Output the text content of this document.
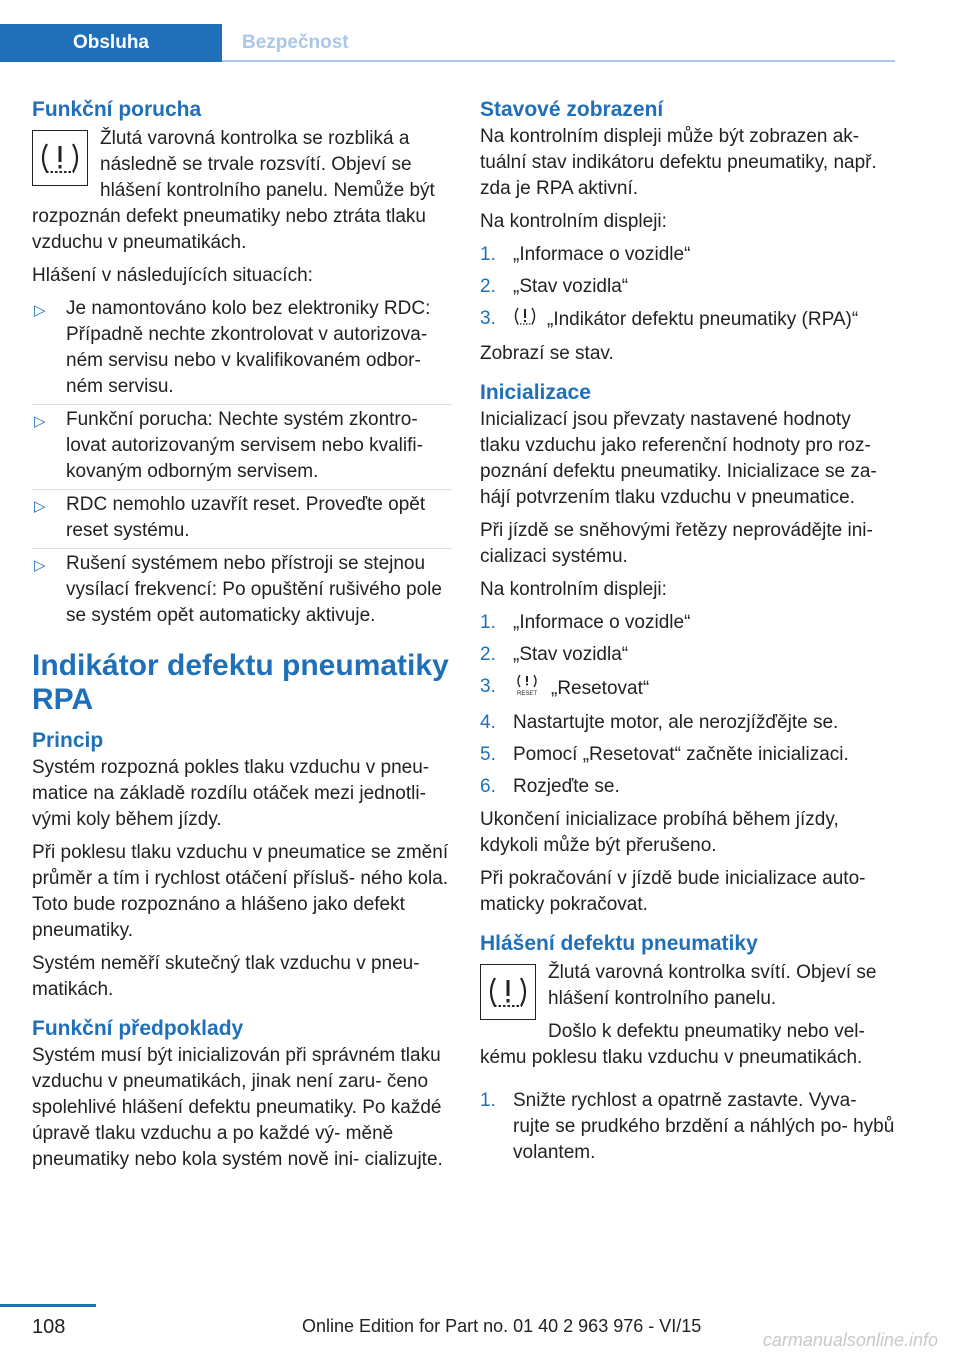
Obsluha	Bezpečnost
Funkční porucha

Žlutá varovná kontrolka se rozbliká a následně se trvale rozsvítí. Objeví se hlášení kontrolního panelu. Nemůže být rozpoznán defekt pneumatiky nebo ztráta tlaku vzduchu v pneumatikách.

Hlášení v následujících situacích:

▷ Je namontováno kolo bez elektroniky RDC: Případně nechte zkontrolovat v autorizova‐ ném servisu nebo v kvalifikovaném odbor‐ ném servisu.
▷ Funkční porucha: Nechte systém zkontro‐ lovat autorizovaným servisem nebo kvalifi‐ kovaným odborným servisem.
▷ RDC nemohlo uzavřít reset. Proveďte opět reset systému.
▷ Rušení systémem nebo přístroji se stejnou vysílací frekvencí: Po opuštění rušivého pole se systém opět automaticky aktivuje.
Indikátor defektu pneumatiky RPA
Princip

Systém rozpozná pokles tlaku vzduchu v pneu‐ matice na základě rozdílu otáček mezi jednotli‐ vými koly během jízdy.

Při poklesu tlaku vzduchu v pneumatice se změní průměr a tím i rychlost otáčení přísluš‐ ného kola. Toto bude rozpoznáno a hlášeno jako defekt pneumatiky.

Systém neměří skutečný tlak vzduchu v pneu‐ matikách.

Funkční předpoklady

Systém musí být inicializován při správném tlaku vzduchu v pneumatikách, jinak není zaru‐ čeno spolehlivé hlášení defektu pneumatiky. Po každé úpravě tlaku vzduchu a po každé vý‐ měně pneumatiky nebo kola systém nově ini‐ cializujte.

Stavové zobrazení

Na kontrolním displeji může být zobrazen ak‐ tuální stav indikátoru defektu pneumatiky, např. zda je RPA aktivní.

Na kontrolním displeji:

1. „Informace o vozidle“
2. „Stav vozidla“
3.	„Indikátor defektu pneumatiky (RPA)“

Zobrazí se stav.

Inicializace

Inicializací jsou převzaty nastavené hodnoty tlaku vzduchu jako referenční hodnoty pro roz‐ poznání defektu pneumatiky. Inicializace se za‐ hájí potvrzením tlaku vzduchu v pneumatice.

Při jízdě se sněhovými řetězy neprovádějte ini‐ cializaci systému.

Na kontrolním displeji:

1. „Informace o vozidle“
2. „Stav vozidla“
3.	RESET „Resetovat“
4. Nastartujte motor, ale nerozjížďějte se.
5. Pomocí „Resetovat“ začněte inicializaci.
6. Rozjeďte se.

Ukončení inicializace probíhá během jízdy, kdykoli může být přerušeno.

Při pokračování v jízdě bude inicializace auto‐ maticky pokračovat.

Hlášení defektu pneumatiky

Žlutá varovná kontrolka svítí. Objeví se hlášení kontrolního panelu.

Došlo k defektu pneumatiky nebo vel‐ kému poklesu tlaku vzduchu v pneumatikách.

1. Snižte rychlost a opatrně zastavte. Vyva‐ rujte se prudkého brzdění a náhlých po‐ hybů volantem.
108	Online Edition for Part no. 01 40 2 963 976 - VI/15
carmanualsonline.info
